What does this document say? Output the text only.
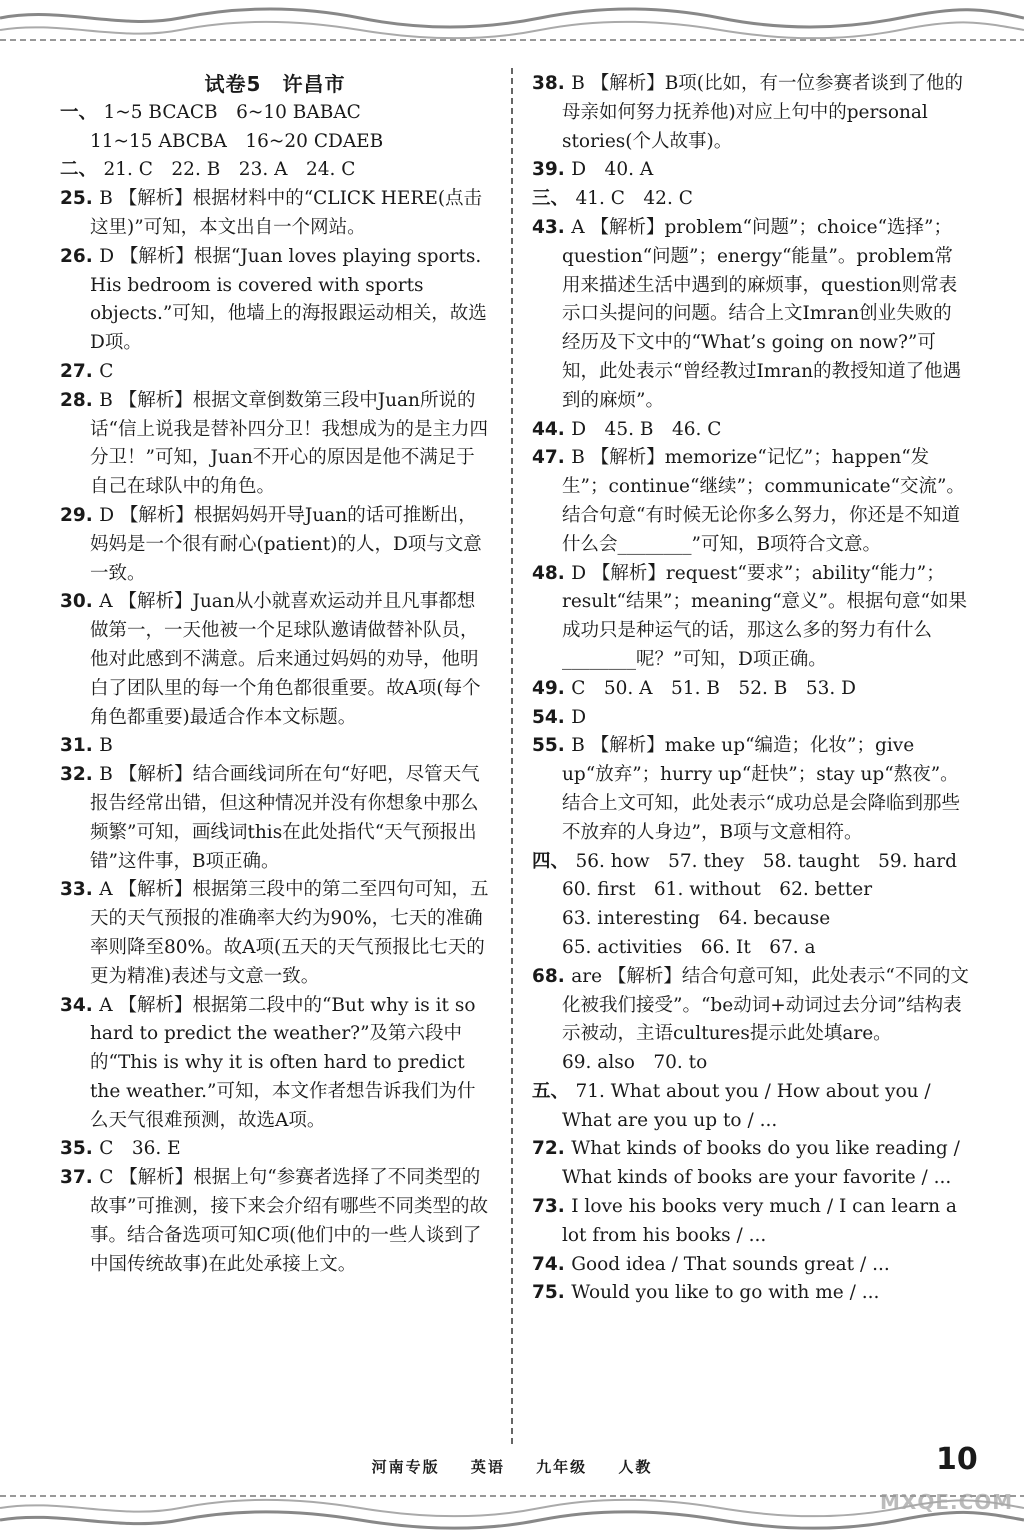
试卷5　许昌市
一、 1~5 BCACB　6~10 BABAC
11~15 ABCBA　16~20 CDAEB
二、 21. C　22. B　23. A　24. C
25. B 【解析】根据材料中的“CLICK HERE(点击这里)”可知，本文出自一个网站。
26. D 【解析】根据“Juan loves playing sports. His bedroom is covered with sports objects.”可知，他墙上的海报跟运动相关，故选D项。
27. C
28. B 【解析】根据文章倒数第三段中Juan所说的话“信上说我是替补四分卫！我想成为的是主力四分卫！”可知，Juan不开心的原因是他不满足于自己在球队中的角色。
29. D 【解析】根据妈妈开导Juan的话可推断出，妈妈是一个很有耐心(patient)的人，D项与文意一致。
30. A 【解析】Juan从小就喜欢运动并且凡事都想做第一，一天他被一个足球队邀请做替补队员，他对此感到不满意。后来通过妈妈的劝导，他明白了团队里的每一个角色都很重要。故A项(每个角色都重要)最适合作本文标题。
31. B
32. B 【解析】结合画线词所在句“好吧，尽管天气报告经常出错，但这种情况并没有你想象中那么频繁”可知，画线词this在此处指代“天气预报出错”这件事，B项正确。
33. A 【解析】根据第三段中的第二至四句可知，五天的天气预报的准确率大约为90%，七天的准确率则降至80%。故A项(五天的天气预报比七天的更为精准)表述与文意一致。
34. A 【解析】根据第二段中的“But why is it so hard to predict the weather?”及第六段中的“This is why it is often hard to predict the weather.”可知，本文作者想告诉我们为什么天气很难预测，故选A项。
35. C　36. E
37. C 【解析】根据上句“参赛者选择了不同类型的故事”可推测，接下来会介绍有哪些不同类型的故事。结合备选项可知C项(他们中的一些人谈到了中国传统故事)在此处承接上文。
38. B 【解析】B项(比如，有一位参赛者谈到了他的母亲如何努力抚养他)对应上句中的personal stories(个人故事)。
39. D　40. A
三、 41. C　42. C
43. A 【解析】problem“问题”；choice“选择”；question“问题”；energy“能量”。problem常用来描述生活中遇到的麻烦事，question则常表示口头提问的问题。结合上文Imran创业失败的经历及下文中的“What’s going on now?”可知，此处表示“曾经教过Imran的教授知道了他遇到的麻烦”。
44. D　45. B　46. C
47. B 【解析】memorize“记忆”；happen“发生”；continue“继续”；communicate“交流”。结合句意“有时候无论你多么努力，你还是不知道什么会________”可知，B项符合文意。
48. D 【解析】request“要求”；ability“能力”；result“结果”；meaning“意义”。根据句意“如果成功只是种运气的话，那这么多的努力有什么________呢？”可知，D项正确。
49. C　50. A　51. B　52. B　53. D
54. D
55. B 【解析】make up“编造；化妆”；give up“放弃”；hurry up“赶快”；stay up“熬夜”。结合上文可知，此处表示“成功总是会降临到那些不放弃的人身边”，B项与文意相符。
四、 56. how　57. they　58. taught　59. hard
60. first　61. without　62. better
63. interesting　64. because
65. activities　66. It　67. a
68. are 【解析】结合句意可知，此处表示“不同的文化被我们接受”。“be动词+动词过去分词”结构表示被动，主语cultures提示此处填are。
69. also　70. to
五、 71. What about you / How about you / What are you up to / ...
72. What kinds of books do you like reading / What kinds of books are your favorite / ...
73. I love his books very much / I can learn a lot from his books / ...
74. Good idea / That sounds great / ...
75. Would you like to go with me / ...
河南专版 英语 九年级 人教	10
MXQE.COM
